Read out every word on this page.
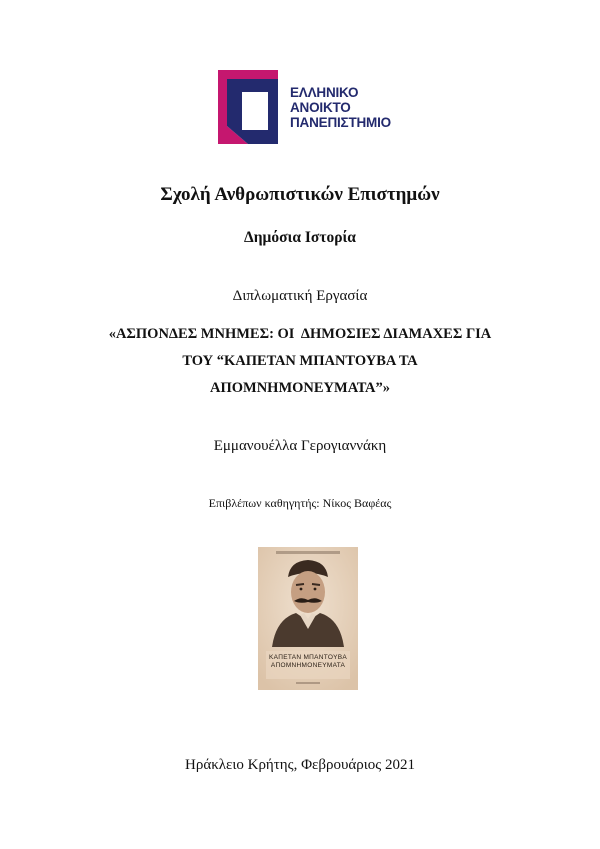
ΕΛΛΗΝΙΚΟ
ΑΝΟΙΚΤΟ
ΠΑΝΕΠΙΣΤΗΜΙΟ
Σχολή Ανθρωπιστικών Επιστημών
Δημόσια Ιστορία
Διπλωματική Εργασία
«ΑΣΠΟΝΔΕΣ ΜΝΗΜΕΣ: ΟΙ  ΔΗΜΟΣΙΕΣ ΔΙΑΜΑΧΕΣ ΓΙΑ
ΤΟΥ “ΚΑΠΕΤΑΝ ΜΠΑΝΤΟΥΒΑ ΤΑ
ΑΠΟΜΝΗΜΟΝΕΥΜΑΤΑ”»
Εμμανουέλλα Γερογιαννάκη
Επιβλέπων καθηγητής: Νίκος Βαφέας
ΚΑΠΕΤΑΝ ΜΠΑΝΤΟΥΒΑ
ΑΠΟΜΝΗΜΟΝΕΥΜΑΤΑ
Ηράκλειο Κρήτης, Φεβρουάριος 2021
